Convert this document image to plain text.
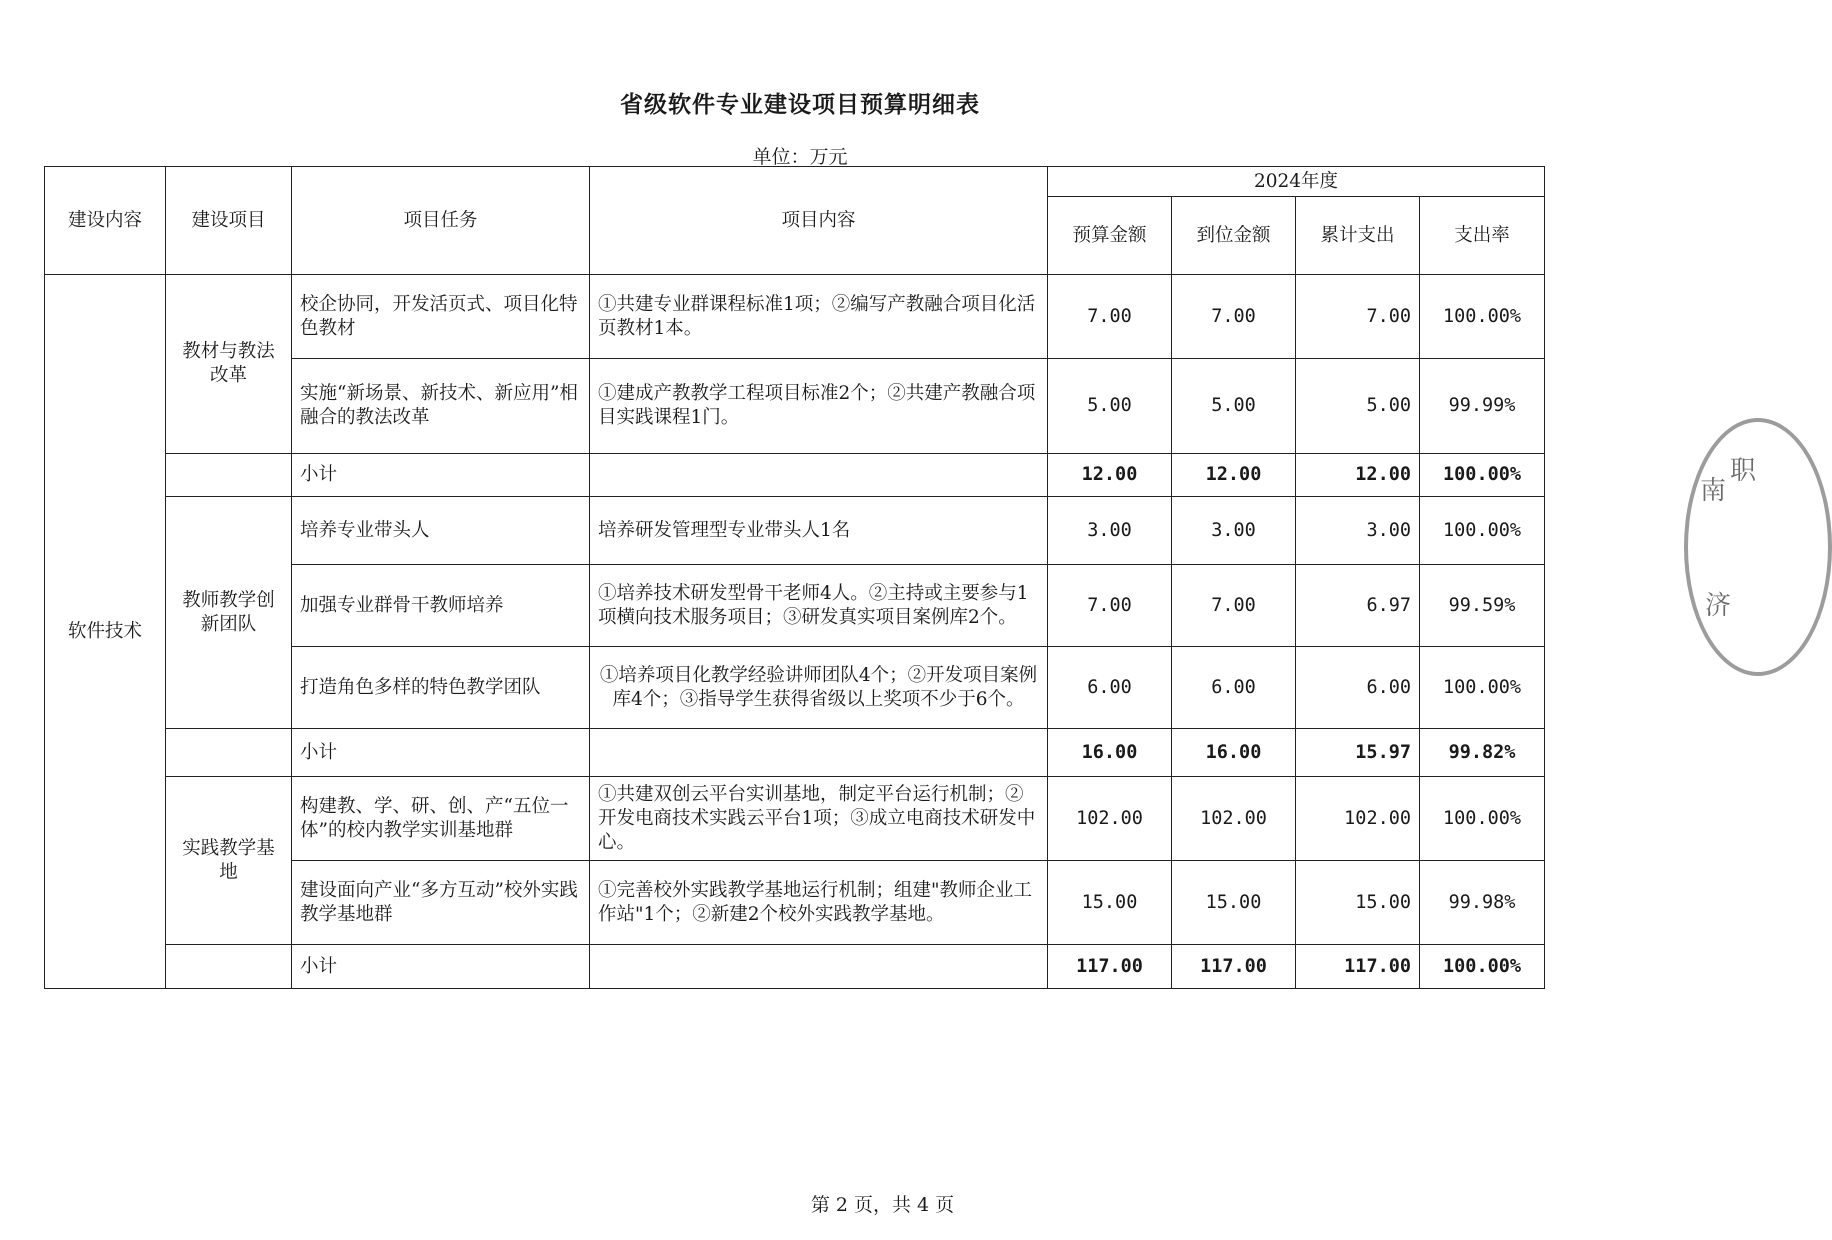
省级软件专业建设项目预算明细表
单位：万元
建设内容	建设项目	项目任务	项目内容	2024年度			
				预算金额	到位金额	累计支出	支出率
软件技术	教材与教法改革	校企协同，开发活页式、项目化特色教材	①共建专业群课程标准1项；②编写产教融合项目化活页教材1本。	7.00	7.00	7.00	100.00%
		实施“新场景、新技术、新应用”相融合的教法改革	①建成产教教学工程项目标准2个；②共建产教融合项目实践课程1门。	5.00	5.00	5.00	99.99%
		小计		12.00	12.00	12.00	100.00%
	教师教学创新团队	培养专业带头人	培养研发管理型专业带头人1名	3.00	3.00	3.00	100.00%
		加强专业群骨干教师培养	①培养技术研发型骨干老师4人。②主持或主要参与1项横向技术服务项目；③研发真实项目案例库2个。	7.00	7.00	6.97	99.59%
		打造角色多样的特色教学团队	①培养项目化教学经验讲师团队4个；②开发项目案例库4个；③指导学生获得省级以上奖项不少于6个。	6.00	6.00	6.00	100.00%
		小计		16.00	16.00	15.97	99.82%
	实践教学基地	构建教、学、研、创、产“五位一体”的校内教学实训基地群	①共建双创云平台实训基地，制定平台运行机制；②开发电商技术实践云平台1项；③成立电商技术研发中心。	102.00	102.00	102.00	100.00%
		建设面向产业“多方互动”校外实践教学基地群	①完善校外实践教学基地运行机制；组建"教师企业工作站"1个；②新建2个校外实践教学基地。	15.00	15.00	15.00	99.98%
		小计		117.00	117.00	117.00	100.00%
南
职
济
第 2 页，共 4 页
